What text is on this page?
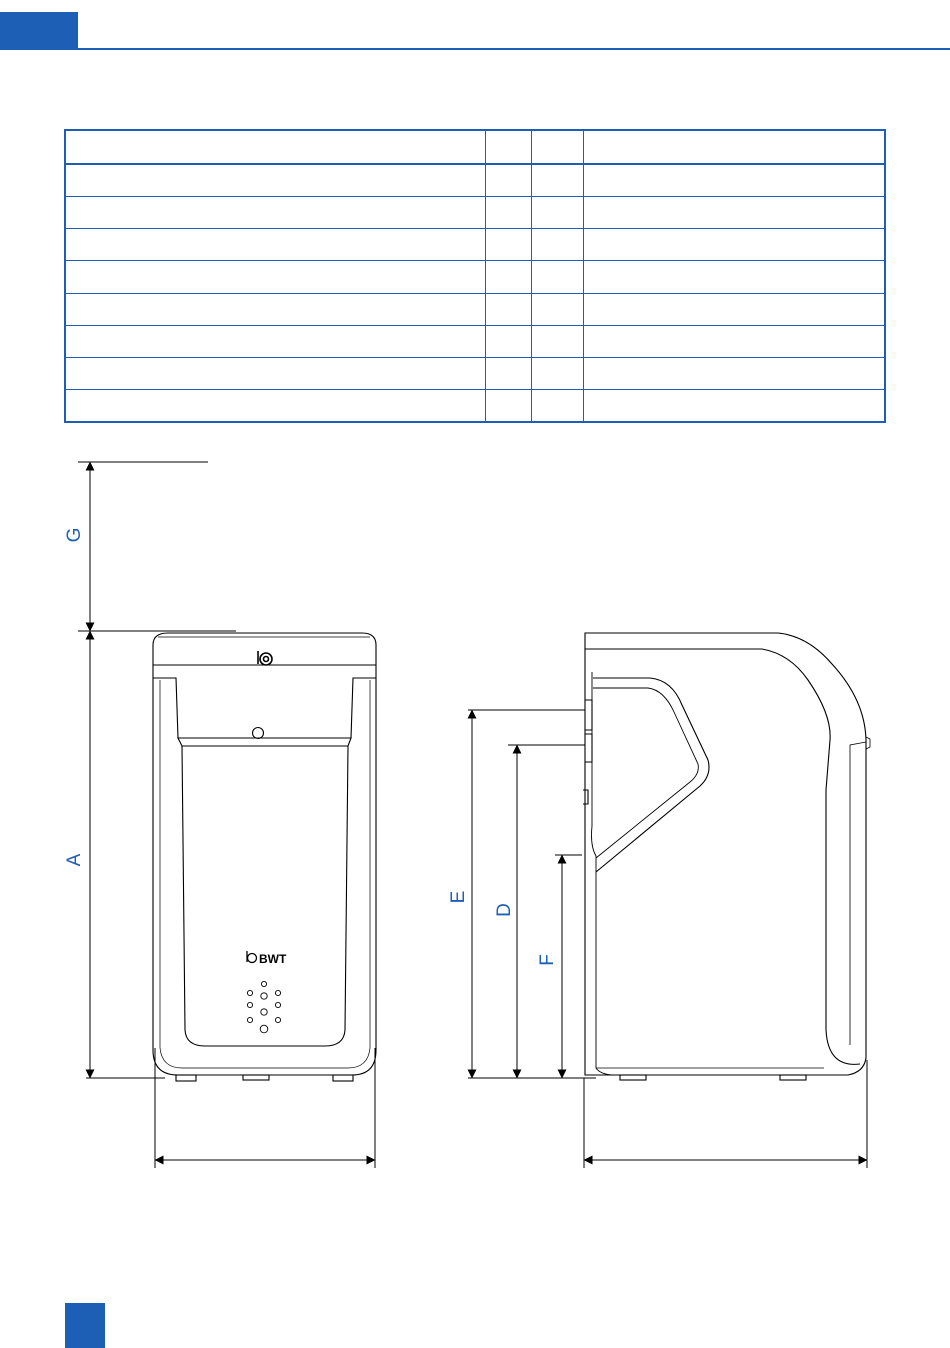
BWT
G
A
E
D
F
